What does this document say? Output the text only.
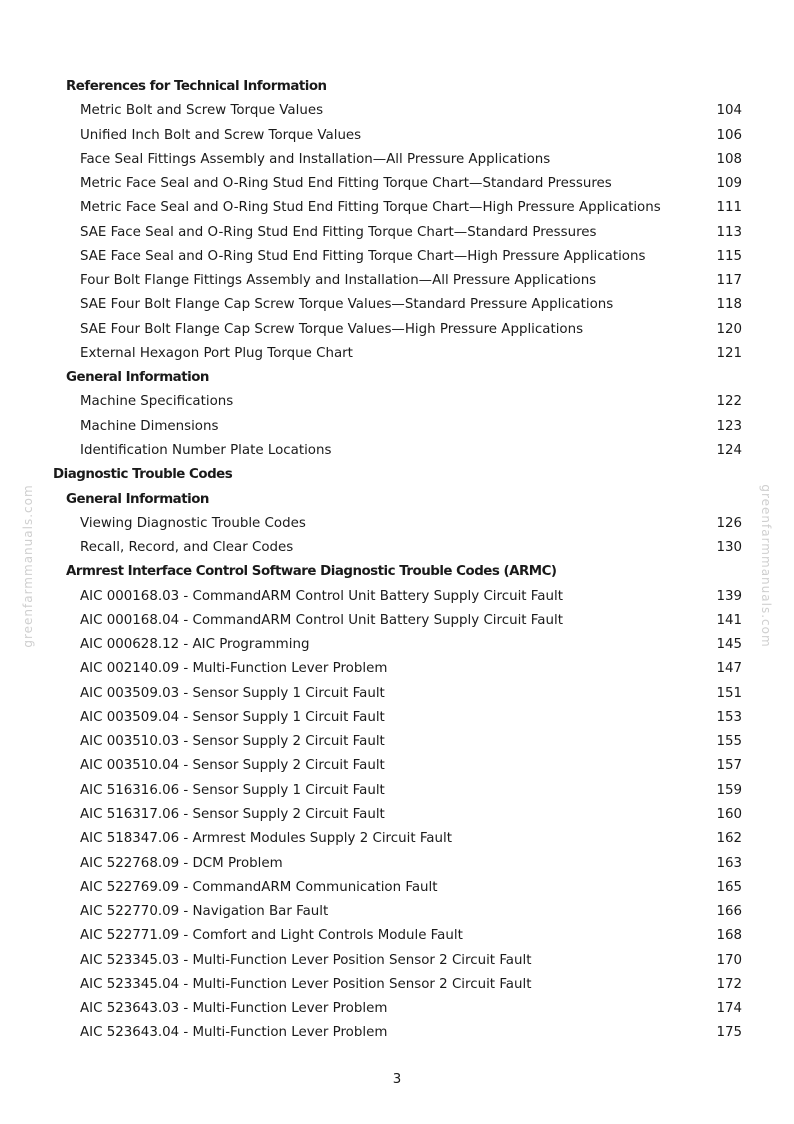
greenfarmmanuals.com	greenfarmmanuals.com
References for Technical Information
Metric Bolt and Screw Torque Values	104
Unified Inch Bolt and Screw Torque Values	106
Face Seal Fittings Assembly and Installation—All Pressure Applications	108
Metric Face Seal and O-Ring Stud End Fitting Torque Chart—Standard Pressures	109
Metric Face Seal and O-Ring Stud End Fitting Torque Chart—High Pressure Applications	111
SAE Face Seal and O-Ring Stud End Fitting Torque Chart—Standard Pressures	113
SAE Face Seal and O-Ring Stud End Fitting Torque Chart—High Pressure Applications	115
Four Bolt Flange Fittings Assembly and Installation—All Pressure Applications	117
SAE Four Bolt Flange Cap Screw Torque Values—Standard Pressure Applications	118
SAE Four Bolt Flange Cap Screw Torque Values—High Pressure Applications	120
External Hexagon Port Plug Torque Chart	121
General Information
Machine Specifications	122
Machine Dimensions	123
Identification Number Plate Locations	124
Diagnostic Trouble Codes
General Information
Viewing Diagnostic Trouble Codes	126
Recall, Record, and Clear Codes	130
Armrest Interface Control Software Diagnostic Trouble Codes (ARMC)
AIC 000168.03 - CommandARM Control Unit Battery Supply Circuit Fault	139
AIC 000168.04 - CommandARM Control Unit Battery Supply Circuit Fault	141
AIC 000628.12 - AIC Programming	145
AIC 002140.09 - Multi-Function Lever Problem	147
AIC 003509.03 - Sensor Supply 1 Circuit Fault	151
AIC 003509.04 - Sensor Supply 1 Circuit Fault	153
AIC 003510.03 - Sensor Supply 2 Circuit Fault	155
AIC 003510.04 - Sensor Supply 2 Circuit Fault	157
AIC 516316.06 - Sensor Supply 1 Circuit Fault	159
AIC 516317.06 - Sensor Supply 2 Circuit Fault	160
AIC 518347.06 - Armrest Modules Supply 2 Circuit Fault	162
AIC 522768.09 - DCM Problem	163
AIC 522769.09 - CommandARM Communication Fault	165
AIC 522770.09 - Navigation Bar Fault	166
AIC 522771.09 - Comfort and Light Controls Module Fault	168
AIC 523345.03 - Multi-Function Lever Position Sensor 2 Circuit Fault	170
AIC 523345.04 - Multi-Function Lever Position Sensor 2 Circuit Fault	172
AIC 523643.03 - Multi-Function Lever Problem	174
AIC 523643.04 - Multi-Function Lever Problem	175
3
